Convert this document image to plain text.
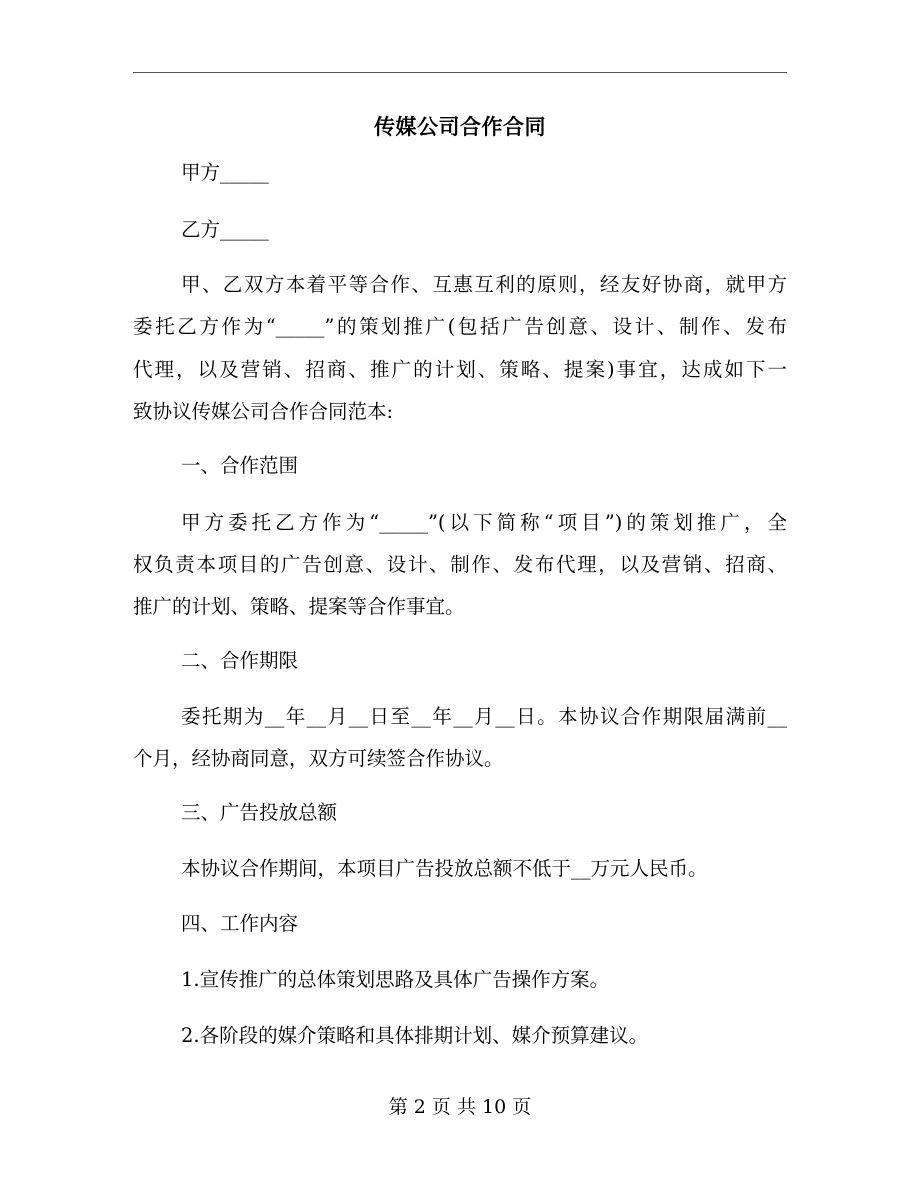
传媒公司合作合同
甲方_____
乙方_____
甲、乙双方本着平等合作、互惠互利的原则，经友好协商，就甲方
委托乙方作为“_____”的策划推广(包括广告创意、设计、制作、发布
代理，以及营销、招商、推广的计划、策略、提案)事宜，达成如下一
致协议传媒公司合作合同范本:
一、合作范围
甲方委托乙方作为“_____”(以下简称“项目”)的策划推广，全
权负责本项目的广告创意、设计、制作、发布代理，以及营销、招商、
推广的计划、策略、提案等合作事宜。
二、合作期限
委托期为__年__月__日至__年__月__日。本协议合作期限届满前__
个月，经协商同意，双方可续签合作协议。
三、广告投放总额
本协议合作期间，本项目广告投放总额不低于__万元人民币。
四、工作内容
1.宣传推广的总体策划思路及具体广告操作方案。
2.各阶段的媒介策略和具体排期计划、媒介预算建议。
第 2 页 共 10 页
